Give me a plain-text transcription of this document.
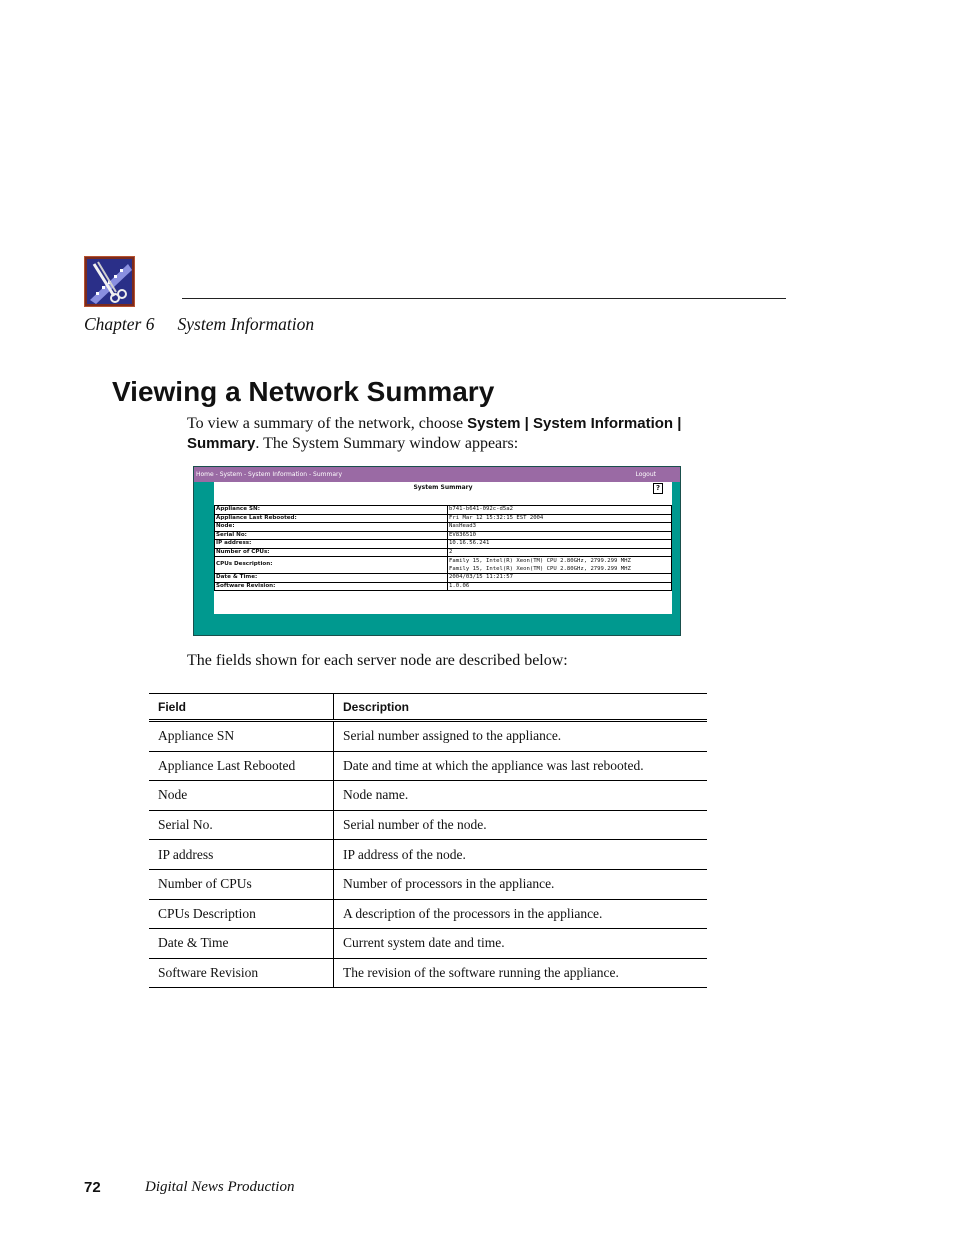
Chapter 6 System Information
Viewing a Network Summary

To view a summary of the network, choose System | System Information | Summary. The System Summary window appears:

Home - System - System Information - Summary	Logout
System Summary	?
Appliance SN:	b741-b641-092c-d5a2
Appliance Last Rebooted:	Fri Mar 12 15:32:15 EST 2004
Node:	NasHead3
Serial No:	EV836510
IP address:	10.16.56.241
Number of CPUs:	2
CPUs Description:	Family 15, Intel(R) Xeon(TM) CPU 2.80GHz, 2799.299 MHZ
Family 15, Intel(R) Xeon(TM) CPU 2.80GHz, 2799.299 MHZ

Date & Time:	2004/03/15 11:21:57
Software Revision:	1.0.06

The fields shown for each server node are described below:

Field	Description
Appliance SN	Serial number assigned to the appliance.
Appliance Last Rebooted	Date and time at which the appliance was last rebooted.
Node	Node name.
Serial No.	Serial number of the node.
IP address	IP address of the node.
Number of CPUs	Number of processors in the appliance.
CPUs Description	A description of the processors in the appliance.
Date & Time	Current system date and time.
Software Revision	The revision of the software running the appliance.
72	Digital News Production
